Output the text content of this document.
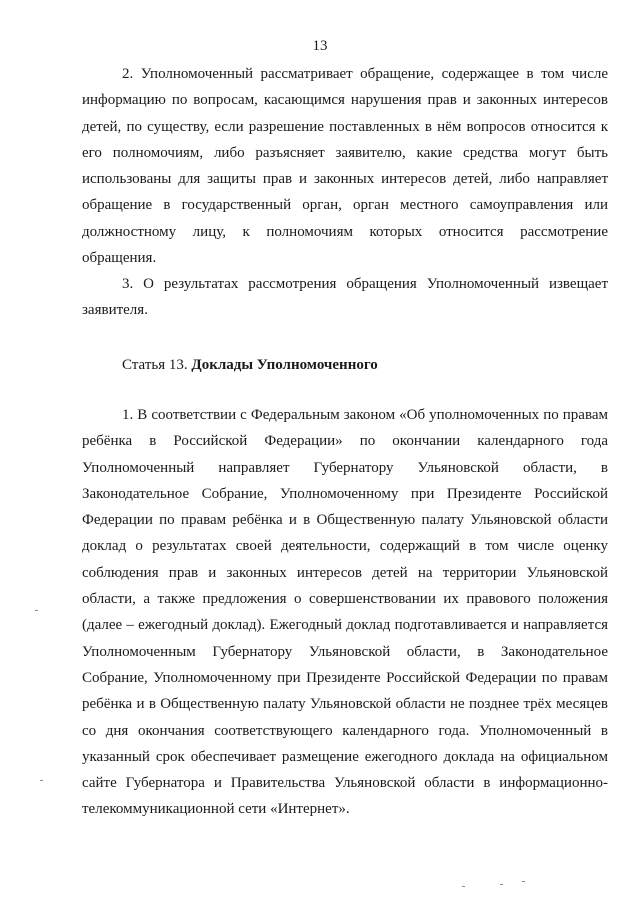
13

2. Уполномоченный рассматривает обращение, содержащее в том числе информацию по вопросам, касающимся нарушения прав и законных интересов детей, по существу, если разрешение поставленных в нём вопросов относится к его полномочиям, либо разъясняет заявителю, какие средства могут быть использованы для защиты прав и законных интересов детей, либо направляет обращение в государственный орган, орган местного самоуправления или должностному лицу, к полномочиям которых относится рассмотрение обращения.

3. О результатах рассмотрения обращения Уполномоченный извещает заявителя.

Статья 13. Доклады Уполномоченного

1. В соответствии с Федеральным законом «Об уполномоченных по правам ребёнка в Российской Федерации» по окончании календарного года Уполномоченный направляет Губернатору Ульяновской области, в Законодательное Собрание, Уполномоченному при Президенте Российской Федерации по правам ребёнка и в Общественную палату Ульяновской области доклад о результатах своей деятельности, содержащий в том числе оценку соблюдения прав и законных интересов детей на территории Ульяновской области, а также предложения о совершенствовании их правового положения (далее – ежегодный доклад). Ежегодный доклад подготавливается и направляется Уполномоченным Губернатору Ульяновской области, в Законодательное Собрание, Уполномоченному при Президенте Российской Федерации по правам ребёнка и в Общественную палату Ульяновской области не позднее трёх месяцев со дня окончания соответствующего календарного года. Уполномоченный в указанный срок обеспечивает размещение ежегодного доклада на официальном сайте Губернатора и Правительства Ульяновской области в информационно-телекоммуникационной сети «Интернет».
